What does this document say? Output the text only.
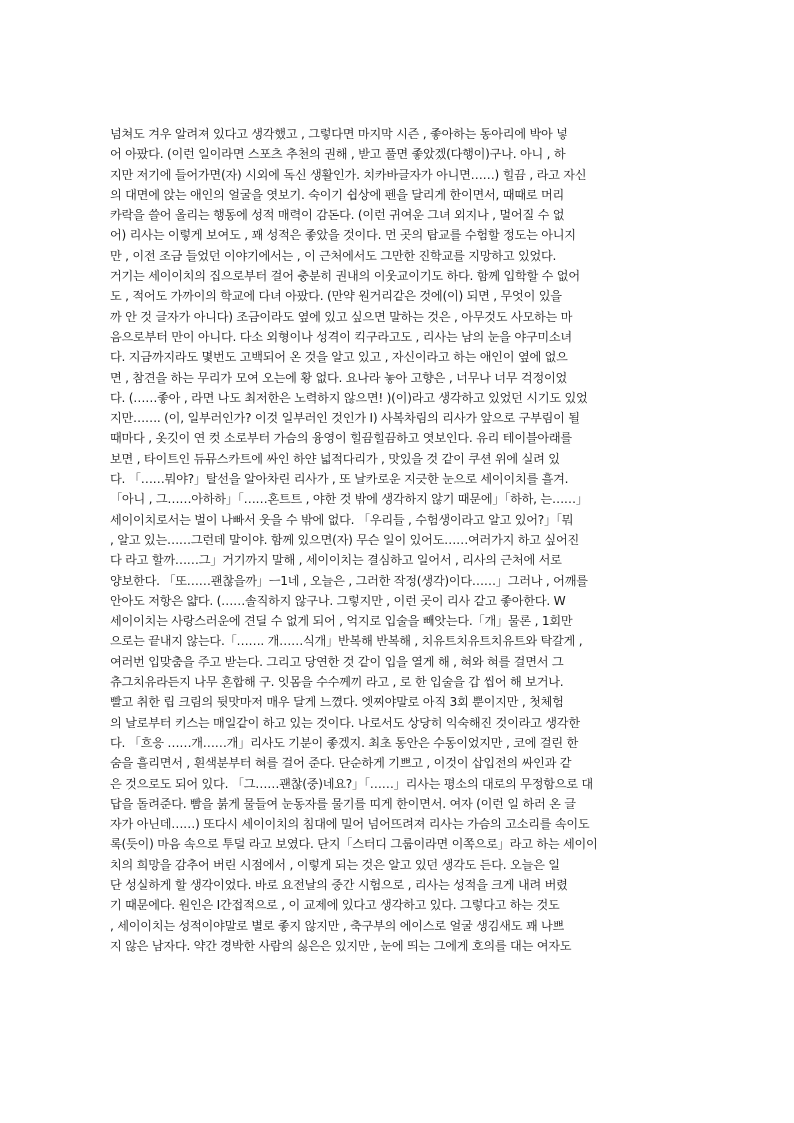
넘쳐도 겨우 알려져 있다고 생각했고 , 그렇다면 마지막 시즌 , 좋아하는 동아리에 박아 넣
어 아팠다. (이런 일이라면 스포츠 추천의 권해 , 받고 풀면 좋았겠(다행이)구나. 아니 , 하
지만 저기에 들어가면(자) 시외에 독신 생활인가. 치카바글자가 아니면……) 힐끔 , 라고 자신
의 대면에 앉는 애인의 얼굴을 엿보기. 숙이기 쉽상에 펜을 달리게 한이면서, 때때로 머리
카락을 쓸어 올리는 행동에 성적 매력이 감돈다. (이런 귀여운 그녀 외지나 , 멀어질 수 없
어) 리사는 이렇게 보여도 , 꽤 성적은 좋았을 것이다. 먼 곳의 탑교를 수험할 정도는 아니지
만 , 이전 조금 들었던 이야기에서는 , 이 근처에서도 그만한 진학교를 지망하고 있었다.
거기는 세이이치의 집으로부터 걸어 충분히 권내의 이웃교이기도 하다. 함께 입학할 수 없어
도 , 적어도 가까이의 학교에 다녀 아팠다. (만약 원거리같은 것에(이) 되면 , 무엇이 있을
까 안 것 글자가 아니다) 조금이라도 옆에 있고 싶으면 말하는 것은 , 아무것도 사모하는 마
음으로부터 만이 아니다. 다소 외형이나 성격이 킥구라고도 , 리사는 남의 눈을 야구미소녀
다. 지금까지라도 몇번도 고백되어 온 것을 알고 있고 , 자신이라고 하는 애인이 옆에 없으
면 , 참견을 하는 무리가 모여 오는에 황 없다. 요나라 놓아 고향은 , 너무나 너무 걱정이었
다. (……좋아 , 라면 나도 최저한은 노력하지 않으면! )(이)라고 생각하고 있었던 시기도 있었
지만……. (이, 일부러인가? 이것 일부러인 것인가 I) 사복차림의 리사가 앞으로 구부림이 될
때마다 , 옷깃이 연 컷 소로부터 가슴의 융영이 힐끔힐끔하고 엿보인다. 유리 테이블아래를
보면 , 타이트인 듀뮤스카트에 싸인 하얀 넓적다리가 , 맛있을 것 같이 쿠션 위에 실려 있
다. 「……뭐야?」탈선을 알아차린 리사가 , 또 날카로운 지긋한 눈으로 세이이치를 흘겨.
「아니 , 그……아하하」「……혼트트 , 야한 것 밖에 생각하지 않기 때문에」「하하, 는……」
세이이치로서는 벌이 나빠서 웃을 수 밖에 없다. 「우리들 , 수험생이라고 알고 있어?」「뭐
, 알고 있는……그런데 말이야. 함께 있으면(자) 무슨 일이 있어도……여러가지 하고 싶어진
다 라고 할까……그」거기까지 말해 , 세이이치는 결심하고 일어서 , 리사의 근처에 서로
양보한다. 「또……괜찮을까」ㅡ1네 , 오늘은 , 그러한 작정(생각)이다……」그러나 , 어깨를
안아도 저항은 얇다. (……솔직하지 않구나. 그렇지만 , 이런 곳이 리사 같고 좋아한다. W
세이이치는 사랑스러운에 견딜 수 없게 되어 , 억지로 입술을 빼앗는다.「개」물론 , 1회만
으로는 끝내지 않는다.「……. 개……식개」반복해 반복해 , 치유트치유트치유트와 탁갈게 ,
여러번 입맞춤을 주고 받는다. 그리고 당연한 것 같이 입을 열게 해 , 혀와 혀를 걸면서 그
츄그치유라든지 나무 혼합해 구. 잇몸을 수수께끼 라고 , 로 한 입술을 갑 씹어 해 보거나.
빨고 취한 립 크림의 뒷맛마저 매우 달게 느꼈다. 엣찌야말로 아직 3회 뿐이지만 , 첫체험
의 날로부터 키스는 매일같이 하고 있는 것이다. 나로서도 상당히 익숙해진 것이라고 생각한
다. 「흐응 ……개……개」리사도 기분이 좋겠지. 최초 동안은 수동이었지만 , 코에 걸린 한
숨을 흘리면서 , 흰색분부터 혀를 걸어 준다. 단순하게 기쁘고 , 이것이 삽입전의 싸인과 같
은 것으로도 되어 있다. 「그……괜찮(중)네요?」「……」리사는 평소의 대로의 무정함으로 대
답을 돌려준다. 빰을 붉게 물들여 눈동자를 물기를 띠게 한이면서. 여자 (이런 일 하러 온 글
자가 아닌데……) 또다시 세이이치의 침대에 밀어 넘어뜨려져 리사는 가슴의 고소리를 속이도
록(듯이) 마음 속으로 투덜 라고 보였다. 단지「스터디 그룹이라면 이쪽으로」라고 하는 세이이
치의 희망을 감추어 버린 시점에서 , 이렇게 되는 것은 알고 있던 생각도 든다. 오늘은 일
단 성실하게 할 생각이었다. 바로 요전날의 중간 시험으로 , 리사는 성적을 크게 내려 버렸
기 때문에다. 원인은 I간접적으로 , 이 교제에 있다고 생각하고 있다. 그렇다고 하는 것도
, 세이이치는 성적이야말로 별로 좋지 않지만 , 축구부의 에이스로 얼굴 생김새도 꽤 나쁘
지 않은 남자다. 약간 경박한 사람의 싫은은 있지만 , 눈에 띄는 그에게 호의를 대는 여자도
